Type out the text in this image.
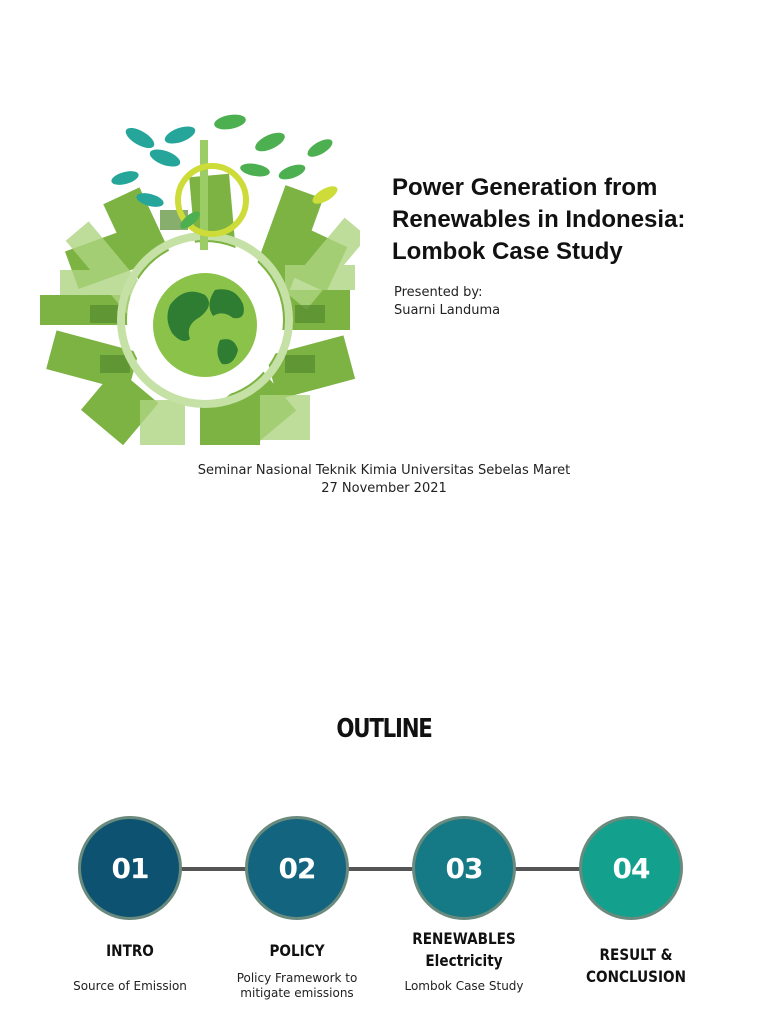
Power Generation from
Renewables in Indonesia:
Lombok Case Study
Presented by:
Suarni Landuma
Seminar Nasional Teknik Kimia Universitas Sebelas Maret
27 November 2021
OUTLINE
01	02	03	04
INTRO
Source of Emission
POLICY
Policy Framework to mitigate emissions
RENEWABLES
Electricity
Lombok Case Study
RESULT &
CONCLUSION
